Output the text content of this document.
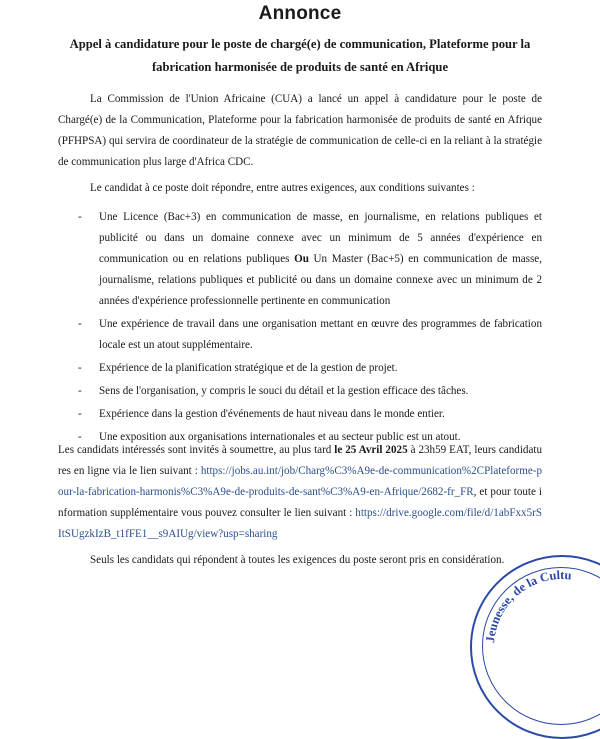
Annonce
Appel à candidature pour le poste de chargé(e) de communication, Plateforme pour la
fabrication harmonisée de produits de santé en Afrique
La Commission de l'Union Africaine (CUA) a lancé un appel à candidature pour le poste de Chargé(e) de la Communication, Plateforme pour la fabrication harmonisée de produits de santé en Afrique (PFHPSA) qui servira de coordinateur de la stratégie de communication de celle-ci en la reliant à la stratégie de communication plus large d'Africa CDC.
Le candidat à ce poste doit répondre, entre autres exigences, aux conditions suivantes :
- Une Licence (Bac+3) en communication de masse, en journalisme, en relations publiques et publicité ou dans un domaine connexe avec un minimum de 5 années d'expérience en communication ou en relations publiques Ou Un Master (Bac+5) en communication de masse, journalisme, relations publiques et publicité ou dans un domaine connexe avec un minimum de 2 années d'expérience professionnelle pertinente en communication
- Une expérience de travail dans une organisation mettant en œuvre des programmes de fabrication locale est un atout supplémentaire.
- Expérience de la planification stratégique et de la gestion de projet.
- Sens de l'organisation, y compris le souci du détail et la gestion efficace des tâches.
- Expérience dans la gestion d'événements de haut niveau dans le monde entier.
- Une exposition aux organisations internationales et au secteur public est un atout.
Les candidats intéressés sont invités à soumettre, au plus tard le 25 Avril 2025 à 23h59 EAT, leurs candidatures en ligne via le lien suivant : https://jobs.au.int/job/Charg%C3%A9e-de-communication%2CPlateforme-pour-la-fabrication-harmonis%C3%A9e-de-produits-de-sant%C3%A9-en-Afrique/2682-fr_FR, et pour toute information supplémentaire vous pouvez consulter le lien suivant : https://drive.google.com/file/d/1abFxx5rSItSUgzkIzB_t1fFE1__s9AIUg/view?usp=sharing
Seuls les candidats qui répondent à toutes les exigences du poste seront pris en considération.
Jeunesse, de la Cultu
